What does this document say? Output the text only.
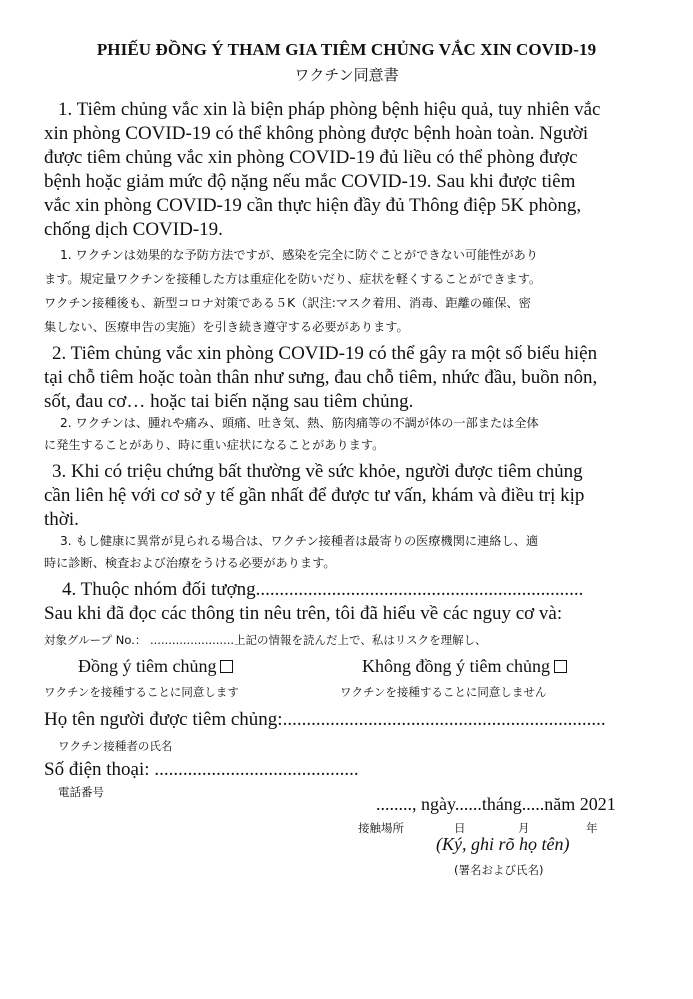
PHIẾU ĐỒNG Ý THAM GIA TIÊM CHỦNG VẮC XIN COVID-19
ワクチン同意書
1. Tiêm chủng vắc xin là biện pháp phòng bệnh hiệu quả, tuy nhiên vắc
xin phòng COVID-19 có thể không phòng được bệnh hoàn toàn. Người
được tiêm chủng vắc xin phòng COVID-19 đủ liều có thể phòng được
bệnh hoặc giảm mức độ nặng nếu mắc COVID-19. Sau khi được tiêm
vắc xin phòng COVID-19 cần thực hiện đầy đủ Thông điệp 5K phòng,
chống dịch COVID-19.
1. ワクチンは効果的な予防方法ですが、感染を完全に防ぐことができない可能性があり
ます。規定量ワクチンを接種した方は重症化を防いだり、症状を軽くすることができます。
ワクチン接種後も、新型コロナ対策である５K（訳注:マスク着用、消毒、距離の確保、密
集しない、医療申告の実施）を引き続き遵守する必要があります。
2. Tiêm chủng vắc xin phòng COVID-19 có thể gây ra một số biểu hiện
tại chỗ tiêm hoặc toàn thân như sưng, đau chỗ tiêm, nhức đầu, buồn nôn,
sốt, đau cơ… hoặc tai biến nặng sau tiêm chủng.
2. ワクチンは、腫れや痛み、頭痛、吐き気、熱、筋肉痛等の不調が体の一部または全体
に発生することがあり、時に重い症状になることがあります。
3. Khi có triệu chứng bất thường về sức khỏe, người được tiêm chủng
cần liên hệ với cơ sở y tế gần nhất để được tư vấn, khám và điều trị kịp
thời.
3. もし健康に異常が見られる場合は、ワクチン接種者は最寄りの医療機関に連絡し、適
時に診断、検査および治療をうける必要があります。
4. Thuộc nhóm đối tượng.....................................................................
Sau khi đã đọc các thông tin nêu trên, tôi đã hiểu về các nguy cơ và:
対象グループ No.： .......................上記の情報を読んだ上で、私はリスクを理解し、
Đồng ý tiêm chủng
ワクチンを接種することに同意します
Không đồng ý tiêm chủng
ワクチンを接種することに同意しません
Họ tên người được tiêm chủng:....................................................................
ワクチン接種者の氏名
Số điện thoại: ...........................................
電話番号
........, ngày......tháng.....năm 2021
接触場所	日	月	年
(Ký, ghi rõ họ tên)
(署名および氏名)
